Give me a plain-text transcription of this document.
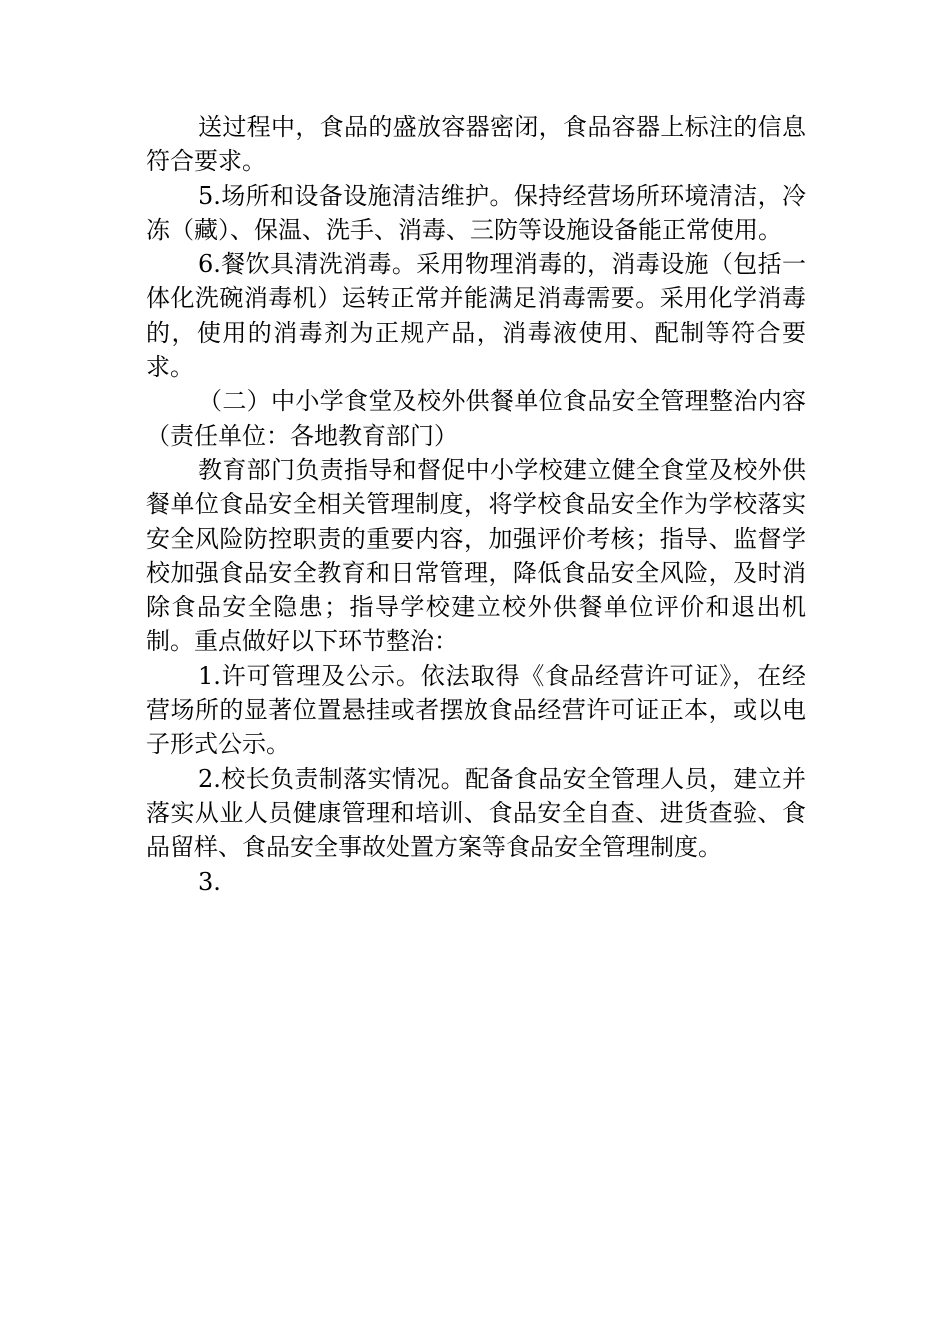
送过程中，食品的盛放容器密闭，食品容器上标注的信息符合要求。

5.场所和设备设施清洁维护。保持经营场所环境清洁，冷冻（藏）、保温、洗手、消毒、三防等设施设备能正常使用。

6.餐饮具清洗消毒。采用物理消毒的，消毒设施（包括一体化洗碗消毒机）运转正常并能满足消毒需要。采用化学消毒的，使用的消毒剂为正规产品，消毒液使用、配制等符合要求。

（二）中小学食堂及校外供餐单位食品安全管理整治内容（责任单位：各地教育部门）

教育部门负责指导和督促中小学校建立健全食堂及校外供餐单位食品安全相关管理制度，将学校食品安全作为学校落实安全风险防控职责的重要内容，加强评价考核；指导、监督学校加强食品安全教育和日常管理，降低食品安全风险，及时消除食品安全隐患；指导学校建立校外供餐单位评价和退出机制。重点做好以下环节整治：

1.许可管理及公示。依法取得《食品经营许可证》，在经营场所的显著位置悬挂或者摆放食品经营许可证正本，或以电子形式公示。

2.校长负责制落实情况。配备食品安全管理人员，建立并落实从业人员健康管理和培训、食品安全自查、进货查验、食品留样、食品安全事故处置方案等食品安全管理制度。

3.
